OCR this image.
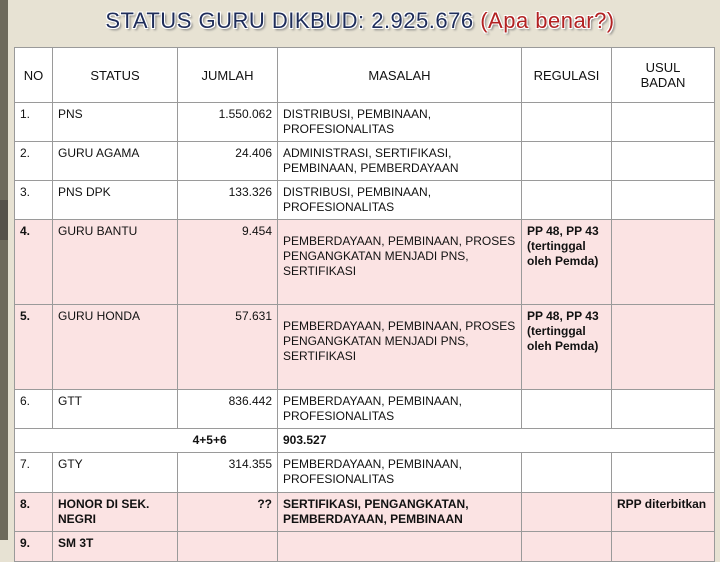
STATUS GURU DIKBUD: 2.925.676 (Apa benar?)
NO	STATUS	JUMLAH	MASALAH	REGULASI	USUL BADAN
1.	PNS	1.550.062	DISTRIBUSI, PEMBINAAN, PROFESIONALITAS		
2.	GURU AGAMA	24.406	ADMINISTRASI, SERTIFIKASI, PEMBINAAN, PEMBERDAYAAN		
3.	PNS DPK	133.326	DISTRIBUSI, PEMBINAAN, PROFESIONALITAS		
4.	GURU BANTU	9.454	PEMBERDAYAAN, PEMBINAAN, PROSES PENGANGKATAN MENJADI PNS, SERTIFIKASI	PP 48, PP 43 (tertinggal oleh Pemda)	
5.	GURU HONDA	57.631	PEMBERDAYAAN, PEMBINAAN, PROSES PENGANGKATAN MENJADI PNS, SERTIFIKASI	PP 48, PP 43 (tertinggal oleh Pemda)	
6.	GTT	836.442	PEMBERDAYAAN, PEMBINAAN, PROFESIONALITAS		
4+5+6			903.527		
7.	GTY	314.355	PEMBERDAYAAN, PEMBINAAN, PROFESIONALITAS		
8.	HONOR DI SEK. NEGRI	??	SERTIFIKASI, PENGANGKATAN, PEMBERDAYAAN, PEMBINAAN		RPP diterbitkan
9.	SM 3T				
